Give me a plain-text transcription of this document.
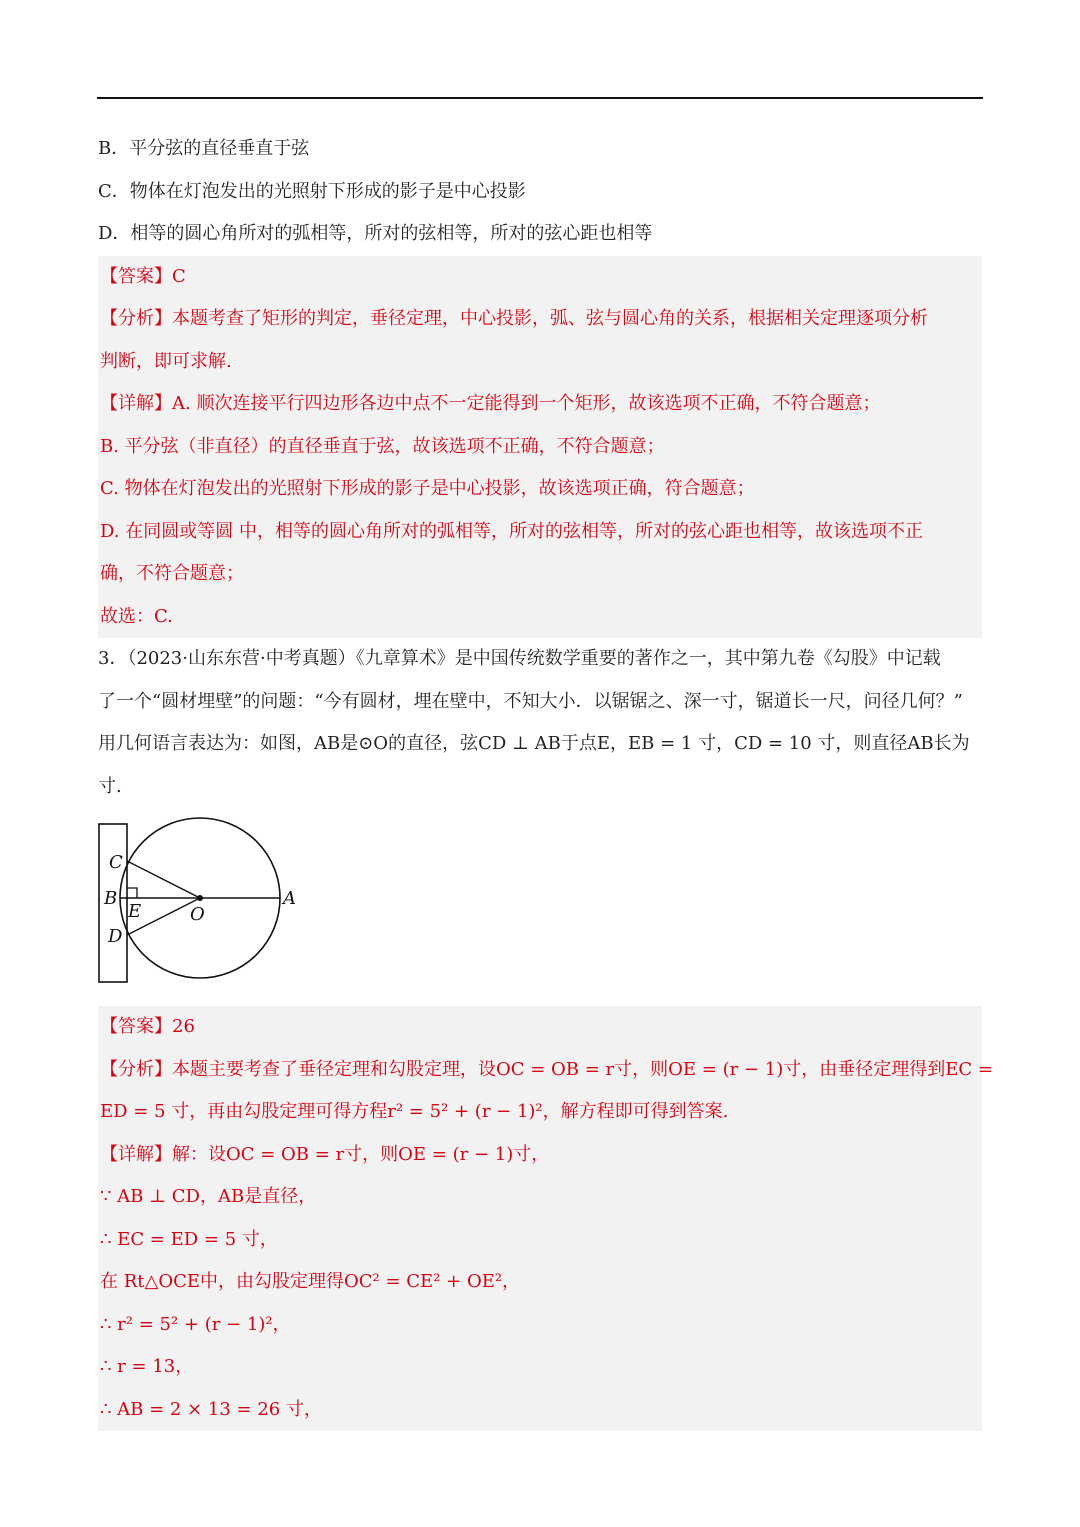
B．平分弦的直径垂直于弦
C．物体在灯泡发出的光照射下形成的影子是中心投影
D．相等的圆心角所对的弧相等，所对的弦相等，所对的弦心距也相等
【答案】C
【分析】本题考查了矩形的判定，垂径定理，中心投影，弧、弦与圆心角的关系，根据相关定理逐项分析
判断，即可求解.
【详解】A. 顺次连接平行四边形各边中点不一定能得到一个矩形，故该选项不正确，不符合题意；
B. 平分弦（非直径）的直径垂直于弦，故该选项不正确，不符合题意；
C. 物体在灯泡发出的光照射下形成的影子是中心投影，故该选项正确，符合题意；
D. 在同圆或等圆 中，相等的圆心角所对的弧相等，所对的弦相等，所对的弦心距也相等，故该选项不正
确，不符合题意；
故选：C.
3．（2023·山东东营·中考真题）《九章算术》是中国传统数学重要的著作之一，其中第九卷《勾股》中记载
了一个“圆材埋壁”的问题：“今有圆材，埋在壁中，不知大小．以锯锯之、深一寸，锯道长一尺，问径几何？”
用几何语言表达为：如图，AB是⊙O的直径，弦CD ⊥ AB于点E，EB = 1 寸，CD = 10 寸，则直径AB长为
寸.
C
B
E
D
O
A
【答案】26
【分析】本题主要考查了垂径定理和勾股定理，设OC = OB = r寸，则OE = (r − 1)寸，由垂径定理得到EC =
ED = 5 寸，再由勾股定理可得方程r² = 5² + (r − 1)²，解方程即可得到答案.
【详解】解：设OC = OB = r寸，则OE = (r − 1)寸，
∵ AB ⊥ CD，AB是直径，
∴ EC = ED = 5 寸，
在 Rt△OCE中，由勾股定理得OC² = CE² + OE²，
∴ r² = 5² + (r − 1)²，
∴ r = 13，
∴ AB = 2 × 13 = 26 寸，
